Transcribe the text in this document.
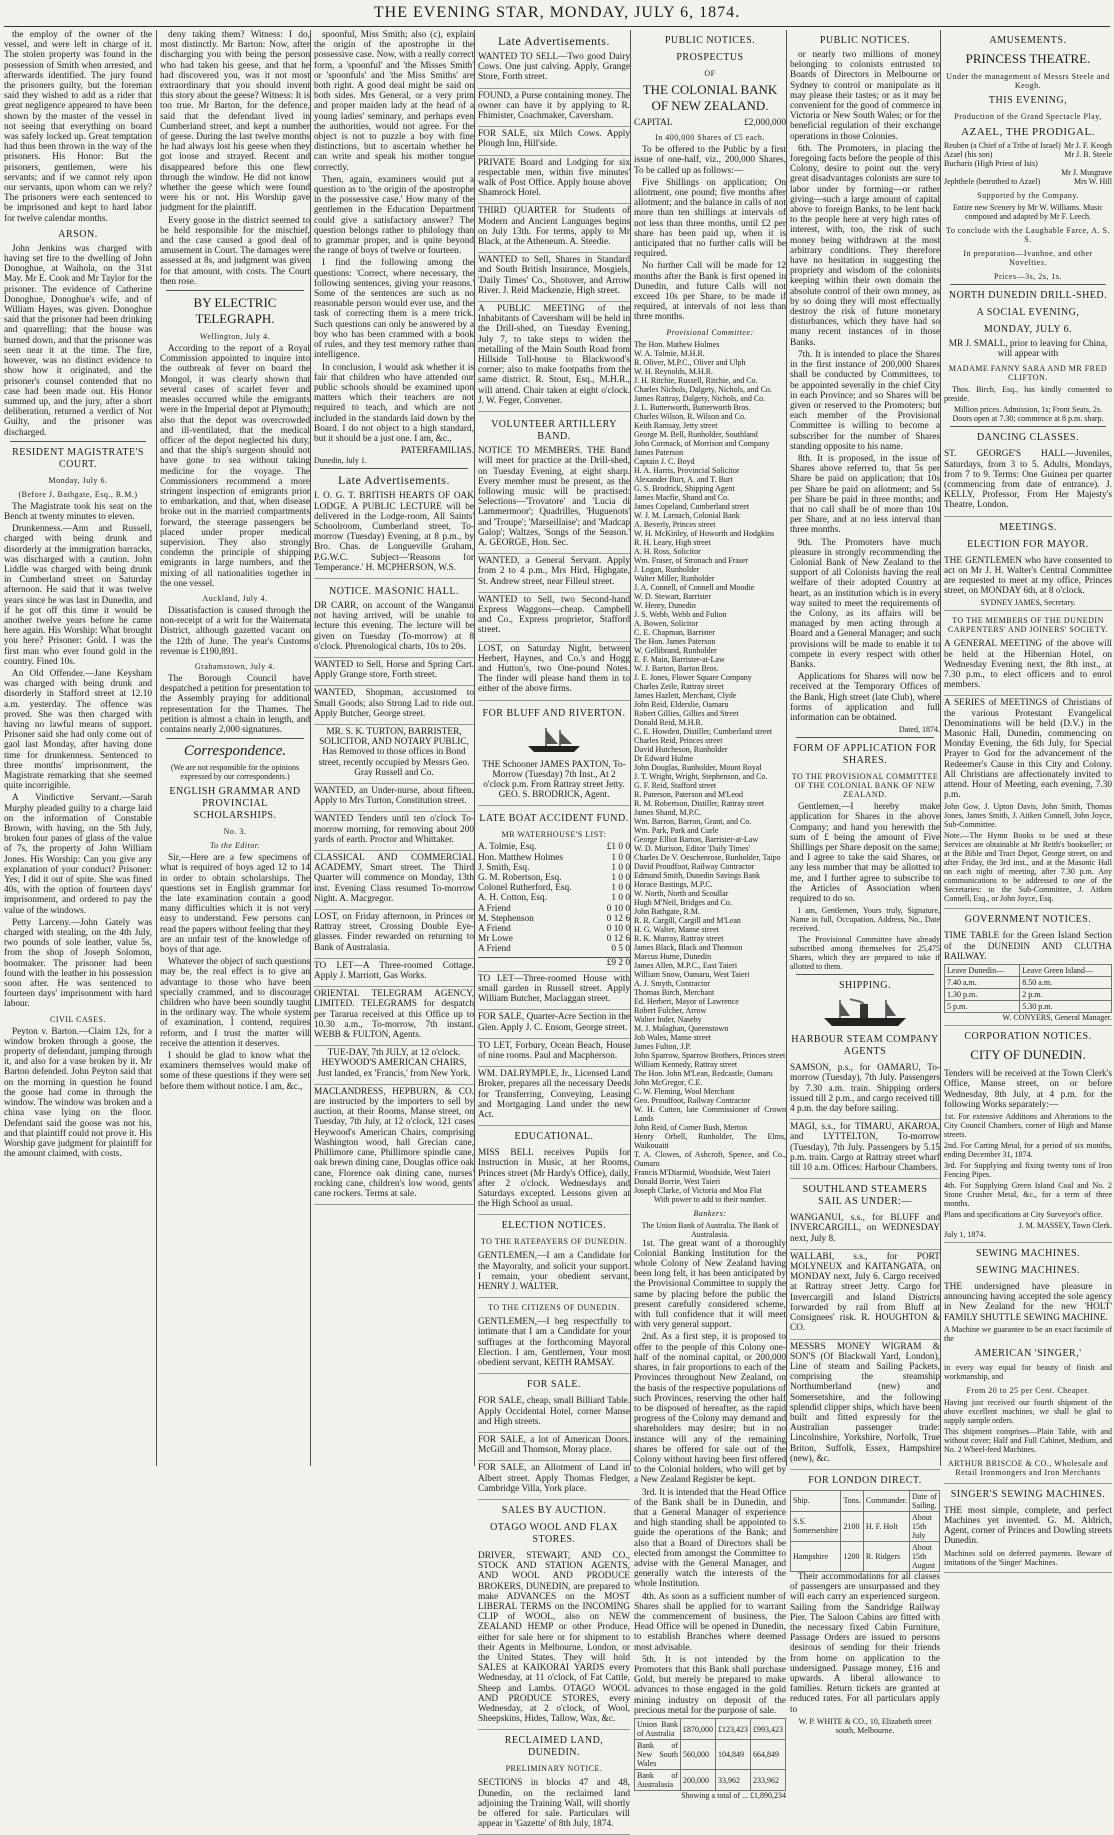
THE EVENING STAR, MONDAY, JULY 6, 1874.

the employ of the owner of the vessel, and were left in charge of it. The stolen property was found in the possession of Smith when arrested, and afterwards identified. The jury found the prisoners guilty, but the foreman said they wished to add as a rider that great negligence appeared to have been shown by the master of the vessel in not seeing that everything on board was safely locked up. Great temptation had thus been thrown in the way of the prisoners. His Honor: But the prisoners, gentlemen, were his servants; and if we cannot rely upon our servants, upon whom can we rely? The prisoners were each sentenced to be imprisoned and kept to hard labor for twelve calendar months.

ARSON.

John Jenkins was charged with having set fire to the dwelling of John Donoghue, at Waihola, on the 31st May. Mr E. Cook and Mr Taylor for the prisoner. The evidence of Catherine Donoghue, Donoghue's wife, and of William Hayes, was given. Donoghue said that the prisoner had been drinking and quarrelling; that the house was burned down, and that the prisoner was seen near it at the time. The fire, however, was no distinct evidence to show how it originated, and the prisoner's counsel contended that no case had been made out. His Honor summed up, and the jury, after a short deliberation, returned a verdict of Not Guilty, and the prisoner was discharged.

RESIDENT MAGISTRATE'S COURT.
Monday, July 6.
(Before J. Bathgate, Esq., R.M.)

The Magistrate took his seat on the Bench at twenty minutes to eleven.

Drunkenness.—Ann and Russell, charged with being drunk and disorderly at the immigration barracks, was discharged with a caution. John Liddle was charged with being drunk in Cumberland street on Saturday afternoon. He said that it was twelve years since he was last in Dunedin, and if he got off this time it would be another twelve years before he came here again. His Worship: What brought you here? Prisoner: Gold. I was the first man who ever found gold in the country. Fined 10s.

An Old Offender.—Jane Keysham was charged with being drunk and disorderly in Stafford street at 12.10 a.m. yesterday. The offence was proved. She was then charged with having no lawful means of support. Prisoner said she had only come out of gaol last Monday, after having done time for drunkenness. Sentenced to three months' imprisonment, the Magistrate remarking that she seemed quite incorrigible.

A Vindictive Servant.—Sarah Murphy pleaded guilty to a charge laid on the information of Constable Brown, with having, on the 5th July, broken four panes of glass of the value of 7s, the property of John William Jones. His Worship: Can you give any explanation of your conduct? Prisoner: Yes; I did it out of spite. She was fined 40s, with the option of fourteen days' imprisonment, and ordered to pay the value of the windows.

Petty Larceny.—John Gately was charged with stealing, on the 4th July, two pounds of sole leather, value 5s, from the shop of Joseph Solomon, bootmaker. The prisoner had been found with the leather in his possession soon after. He was sentenced to fourteen days' imprisonment with hard labour.

CIVIL CASES.

Peyton v. Barton.—Claim 12s, for a window broken through a goose, the property of defendant, jumping through it, and also for a vase broken by it. Mr Barton defended. John Peyton said that on the morning in question he found the goose had come in through the window. The window was broken and a china vase lying on the floor. Defendant said the goose was not his, and that plaintiff could not prove it. His Worship gave judgment for plaintiff for the amount claimed, with costs.

deny taking them? Witness: I do, most distinctly. Mr Barton: Now, after discharging you with being the person who had taken his geese, and that he had discovered you, was it not most extraordinary that you should invent this story about the geese? Witness: It is too true. Mr Barton, for the defence, said that the defendant lived in Cumberland street, and kept a number of geese. During the last twelve months he had always lost his geese when they got loose and strayed. Recent and disappeared before this one flew through the window. He did not know whether the geese which were found were his or not. His Worship gave judgment for the plaintiff.

Every goose in the district seemed to be held responsible for the mischief, and the case caused a good deal of amusement in Court. The damages were assessed at 8s, and judgment was given for that amount, with costs. The Court then rose.

BY ELECTRIC TELEGRAPH.
Wellington, July 4.

According to the report of a Royal Commission appointed to inquire into the outbreak of fever on board the Mongol, it was clearly shown that several cases of scarlet fever and measles occurred while the emigrants were in the Imperial depot at Plymouth; also that the depot was overcrowded and ill-ventilated, that the medical officer of the depot neglected his duty, and that the ship's surgeon should not have gone to sea without taking medicine for the voyage. The Commissioners recommend a more stringent inspection of emigrants prior to embarkation, and that, when disease broke out in the married compartments forward, the steerage passengers be placed under proper medical supervision. They also strongly condemn the principle of shipping emigrants in large numbers, and the mixing of all nationalities together in the one vessel.

Auckland, July 4.

Dissatisfaction is caused through the non-receipt of a writ for the Waitemata District, although gazetted vacant on the 12th of June. The year's Customs revenue is £190,891.

Grahamstown, July 4.

The Borough Council have despatched a petition for presentation to the Assembly praying for additional representation for the Thames. The petition is almost a chain in length, and contains nearly 2,000 signatures.

Correspondence.

(We are not responsible for the opinions expressed by our correspondents.)

ENGLISH GRAMMAR AND PROVINCIAL SCHOLARSHIPS.
No. 3.
To the Editor.

Sir,—Here are a few specimens of what is required of boys aged 12 to 14 in order to obtain scholarships. The questions set in English grammar for the late examination contain a good many difficulties which it is not very easy to understand. Few persons can read the papers without feeling that they are an unfair test of the knowledge of boys of that age.

Whatever the object of such questions may be, the real effect is to give an advantage to those who have been specially crammed, and to discourage children who have been soundly taught in the ordinary way. The whole system of examination, I contend, requires reform, and I trust the matter will receive the attention it deserves.

I should be glad to know what the examiners themselves would make of some of these questions if they were set before them without notice. I am, &c.,

spoonful, Miss Smith; also (c), explain the origin of the apostrophe in the possessive case. Now, with a really correct form, a 'spoonful' and 'the Misses Smith' or 'spoonfuls' and 'the Miss Smiths' are both right. A good deal might be said on both sides. Mrs General, or a very prim and proper maiden lady at the head of a young ladies' seminary, and perhaps even the authorities, would not agree. For the object is not to puzzle a boy with fine distinctions, but to ascertain whether he can write and speak his mother tongue correctly.

Then, again, examiners would put a question as to 'the origin of the apostrophe in the possessive case.' How many of the gentlemen in the Education Department could give a satisfactory answer? The question belongs rather to philology than to grammar proper, and is quite beyond the range of boys of twelve or fourteen.

I find the following among the questions: 'Correct, where necessary, the following sentences, giving your reasons.' Some of the sentences are such as no reasonable person would ever use, and the task of correcting them is a mere trick. Such questions can only be answered by a boy who has been crammed with a book of rules, and they test memory rather than intelligence.

In conclusion, I would ask whether it is fair that children who have attended our public schools should be examined upon matters which their teachers are not required to teach, and which are not included in the standards laid down by the Board. I do not object to a high standard, but it should be a just one. I am, &c.,

PATERFAMILIAS.
Dunedin, July 1.
Late Advertisements.

I. O. G. T. BRITISH HEARTS OF OAK LODGE. A PUBLIC LECTURE will be delivered in the Lodge-room, All Saints' Schoolroom, Cumberland street, To-morrow (Tuesday) Evening, at 8 p.m., by Bro. Chas. de Longueville Graham, P.G.W.C. Subject—'Reasons for Temperance.' H. MCPHERSON, W.S.

NOTICE. MASONIC HALL.

DR CARR, on account of the Wanganui not having arrived, will be unable to lecture this evening. The lecture will be given on Tuesday (To-morrow) at 8 o'clock. Phrenological charts, 10s to 20s.

WANTED to Sell, Horse and Spring Cart. Apply Grange store, Forth street.

WANTED, Shopman, accustomed to Small Goods; also Strong Lad to ride out. Apply Butcher, George street.

MR. S. K. TURTON, BARRISTER, SOLICITOR, AND NOTARY PUBLIC, Has Removed to those offices in Bond street, recently occupied by Messrs Geo. Gray Russell and Co.

WANTED, an Under-nurse, about fifteen. Apply to Mrs Turton, Constitution street.

WANTED Tenders until ten o'clock To-morrow morning, for removing about 200 yards of earth. Proctor and Whittaker.

CLASSICAL AND COMMERCIAL ACADEMY, Smart street. The Third Quarter will commence on Monday, 13th inst. Evening Class resumed To-morrow Night. A. Macgregor.

LOST, on Friday afternoon, in Princes or Rattray street, Crossing Double Eye-glasses. Finder rewarded on returning to Bank of Australasia.

TO LET—A Three-roomed Cottage. Apply J. Marriott, Gas Works.

ORIENTAL TELEGRAM AGENCY, LIMITED. TELEGRAMS for despatch per Tararua received at this Office up to 10.30 a.m., To-morrow, 7th instant. WEBB & FULTON, Agents.

TUE-DAY, 7th JULY, at 12 o'clock. HEYWOOD'S AMERICAN CHAIRS, Just landed, ex 'Francis,' from New York.

MACLANDRESS, HEPBURN, & CO. are instructed by the importers to sell by auction, at their Rooms, Manse street, on Tuesday, 7th July, at 12 o'clock, 121 cases Heywood's American Chairs, comprising Washington wood, hall Grecian cane, Phillimore cane, Phillimore spindle cane, oak brewn dining cane, Douglas office oak cane, Florence oak dining cane, nurses' rocking cane, children's low wood, gents' cane rockers. Terms at sale.

Late Advertisements.

WANTED TO SELL—Two good Dairy Cows. One just calving. Apply, Grange Store, Forth street.

FOUND, a Purse containing money. The owner can have it by applying to R. Fhimister, Coachmaker, Caversham.

FOR SALE, six Milch Cows. Apply Plough Inn, Hill'side.

PRIVATE Board and Lodging for six respectable men, within five minutes' walk of Post Office. Apply house above Shamrock Hotel.

THIRD QUARTER for Students of Modern and Ancient Languages begins on July 13th. For terms, apply to Mr Black, at the Atheneum. A. Steedie.

WANTED to Sell, Shares in Standard and South British Insurance, Mosgiels, 'Daily Times' Co., Shotover, and Arrow River. J. Reid Mackenzie, High street.

A PUBLIC MEETING of the Inhabitants of Caversham will be held in the Drill-shed, on Tuesday Evening, July 7, to take steps to widen the metalling of the Main South Road from Hillside Toll-house to Blackwood's corner; also to make footpaths from the same district. R. Stout, Esq., M.H.R., will attend. Chair taken at eight o'clock. J. W. Feger, Convener.

VOLUNTEER ARTILLERY BAND.

NOTICE TO MEMBERS. THE Band will meet for practice at the Drill-shed, on Tuesday Evening, at eight sharp. Every member must be present, as the following music will be practised: Selections—'Trovatore' and 'Lucia di Lammermoor'; Quadrilles, 'Huguenots' and 'Troupe'; 'Marseillaise'; and 'Madcap Galop'; Waltzes, 'Songs of the Season.' A. GEORGE, Hon. Sec.

WANTED, a General Servant. Apply from 2 to 4 p.m., Mrs Hird, Highgate, St. Andrew street, near Filleul street.

WANTED to Sell, two Second-hand Express Waggons—cheap. Campbell and Co., Express proprietor, Stafford street.

LOST, on Saturday Night, between Herbert, Haynes, and Co.'s and Hogg and Hutton's, two One-pound Notes. The finder will please hand them in to either of the above firms.

FOR BLUFF AND RIVERTON.

THE Schooner JAMES PAXTON, To-Morrow (Tuesday) 7th Inst., At 2 o'clock p.m. From Rattray street Jetty. GEO. S. BRODRICK, Agent.

LATE BOAT ACCIDENT FUND.
MR WATERHOUSE'S LIST:
A. Tolmie, Esq.	£1 0 0
Hon. Matthew Holmes	1 0 0
J. Smith, Esq.	1 0 0
G. M. Robertson, Esq.	1 0 0
Colonel Rutherford, Esq.	1 0 0
A. H. Cotton, Esq.	1 0 0
A Friend	0 10 0
M. Stephenson	0 12 6
A Friend	0 10 0
Mr Lowe	0 12 6
A Friend	0 5 0
£9 2 0

TO LET—Three-roomed House with small garden in Russell street. Apply William Butcher, Maclaggan street.

FOR SALE, Quarter-Acre Section in the Glen. Apply J. C. Ensom, George street.

TO LET, Forbury, Ocean Beach, House of nine rooms. Paul and Macpherson.

WM. DALRYMPLE, Jr., Licensed Land Broker, prepares all the necessary Deeds for Transferring, Conveying, Leasing and Mortgaging Land under the new Act.

EDUCATIONAL.

MISS BELL receives Pupils for Instruction in Music, at her Rooms, Princes street (Mr Hardy's Office), daily, after 2 o'clock. Wednesdays and Saturdays excepted. Lessons given at the High School as usual.

ELECTION NOTICES.
TO THE RATEPAYERS OF DUNEDIN.

GENTLEMEN,—I am a Candidate for the Mayoralty, and solicit your support. I remain, your obedient servant, HENRY J. WALTER.

TO THE CITIZENS OF DUNEDIN.

GENTLEMEN,—I beg respectfully to intimate that I am a Candidate for your suffrages at the forthcoming Mayoral Election. I am, Gentlemen, Your most obedient servant, KEITH RAMSAY.

FOR SALE.

FOR SALE, cheap, small Billiard Table. Apply Occidental Hotel, corner Manse and High streets.

FOR SALE, a lot of American Doors. McGill and Thomson, Moray place.

FOR SALE, an Allotment of Land in Albert street. Apply Thomas Fledger, Cambridge Villa, York place.

SALES BY AUCTION.
OTAGO WOOL AND FLAX STORES.

DRIVER, STEWART, AND CO., STOCK AND STATION AGENTS, AND WOOL AND PRODUCE BROKERS, DUNEDIN, are prepared to make ADVANCES on the MOST LIBERAL TERMS on the INCOMING CLIP of WOOL, also on NEW ZEALAND HEMP or other Produce, either for sale here or for shipment to their Agents in Melbourne, London, or the United States. They will hold SALES at KAIKORAI YARDS every Wednesday, at 11 o'clock, of Fat Cattle, Sheep and Lambs. OTAGO WOOL AND PRODUCE STORES, every Wednesday, at 2 o'clock, of Wool, Sheepskins, Hides, Tallow, Wax, &c.

RECLAIMED LAND, DUNEDIN.
PRELIMINARY NOTICE.

SECTIONS in blocks 47 and 48, Dunedin, on the reclaimed land adjoining the Training Wall, will shortly be offered for sale. Particulars will appear in 'Gazette' of 8th July, 1874.

PUBLIC NOTICES.
PROSPECTUS
OF
THE COLONIAL BANK OF NEW ZEALAND.
CAPITAL	£2,000,000
In 400,000 Shares of £5 each.

To be offered to the Public by a first issue of one-half, viz., 200,000 Shares, To be called up as follows:—

Five Shillings on application; On allotment, one pound; five months after allotment; and the balance in calls of not more than ten shillings at intervals of not less than three months, until £2 per share has been paid up, when it is anticipated that no further calls will be required.

No further Call will be made for 12 months after the Bank is first opened in Dunedin, and future Calls will not exceed 10s per Share, to be made if required, at intervals of not less than three months.

Provisional Committee:
The Hon. Mathew Holmes
W. A. Tolmie, M.H.R.
R. Oliver, M.P.C., Oliver and Ulph
W. H. Reynolds, M.H.R.
J. H. Ritchie, Russell, Ritchie, and Co.
Charles Nichols, Dalgety, Nichols, and Co.
James Rattray, Dalgety, Nichols, and Co.
J. L. Butterworth, Butterworth Bros.
Charles Wilson, R. Wilson and Co.
Keith Ramsay, Jetty street
George M. Bell, Runholder, Southland
John Cormack, of Morrison and Company
James Paterson
Captain J. C. Boyd
H. A. Harris, Provincial Solicitor
Alexander Burt, A. and T. Burt
G. S. Brodrick, Shipping Agent
James Macfie, Shand and Co.
James Copeland, Cumberland street
W. J. M. Larnach, Colonial Bank
A. Beverly, Princes street
W. H. McKinley, of Howorth and Hodgkins
R. H. Leary, High street
A. H. Ross, Solicitor
Wm. Fraser, of Stronach and Fraser
J. Logan, Runholder
Walter Miller, Runholder
J. A. Connell, of Connell and Moodie
W. D. Stewart, Barrister
W. Henry, Dunedin
J. S. Webb, Webb and Fulton
A. Bowen, Solicitor
C. E. Chapman, Barrister
The Hon. James Paterson
W. Gellibrand, Runholder
E. F. Main, Barrister-at-Law
W. J. Barton, Barton Bros.
J. E. Jones, Flower Square Company
Charles Zeile, Rattray street
James Hazlett, Merchant, Clyde
John Reid, Elderslie, Oamaru
Robert Gillies, Gillies and Street
Donald Reid, M.H.R.
C. E. Howden, Distiller, Cumberland street
Charles Reid, Princes street
David Hutcheson, Runholder
Dr Edward Hulme
John Douglas, Runholder, Mount Royal
J. T. Wright, Wright, Stephenson, and Co.
G. F. Reid, Stafford street
R. Paterson, Paterson and M'Leod
R. M. Robertson, Distiller, Rattray street
James Shand, M.P.C.
Wm. Barron, Barron, Grant, and Co.
Wm. Park, Park and Curle
George Elliot Barton, Barrister-at-Law
W. D. Murison, Editor 'Daily Times'
Charles De V. Oeschenrose, Runholder, Taipo
David Proudfoot, Railway Contractor
Edmund Smith, Dunedin Savings Bank
Horace Bastings, M.P.C.
W. North, North and Scoullar
Hugh M'Neil, Bridges and Co.
John Bathgate, R.M.
R. R. Cargill, Cargill and M'Lean
H. G. Walter, Manse street
R. K. Murray, Rattray street
James Black, Black and Thomson
Marcus Hume, Dunedin
James Allen, M.P.C., East Taieri
William Snow, Oamaru, West Taieri
A. J. Smyth, Contractor
Thomas Birch, Merchant
Ed. Herbert, Mayor of Lawrence
Robert Fulcher, Arrow
Walter Inder, Naseby
M. J. Malaghan, Queenstown
Job Wales, Manse street
James Fulton, J.P.
John Sparrow, Sparrow Brothers, Princes street
William Kennedy, Rattray street
The Hon. John M'Lean, Redcastle, Oamaru
John McGregor, C.E.
C. W. Fleming, Wool Merchant
Geo. Proudfoot, Railway Contractor
W. H. Cutten, late Commissioner of Crown Lands
John Reid, of Corner Bush, Merton
Henry Orbell, Runholder, The Elms, Waikouaiti
T. A. Clowes, of Ashcroft, Spence, and Co., Oamaru
Francis M'Diarmid, Woodside, West Taieri
Donald Borrie, West Taieri
Joseph Clarke, of Victoria and Moa Flat
With power to add to their number.
Bankers:
The Union Bank of Australia. The Bank of Australasia.

1st. The great want of a thoroughly Colonial Banking Institution for the whole Colony of New Zealand having been long felt, it has been anticipated by the Provisional Committee to supply the same by placing before the public the present carefully considered scheme, with full confidence that it will meet with very general support.

2nd. As a first step, it is proposed to offer to the people of this Colony one-half of the nominal capital, or 200,000 shares, in fair proportions to each of the Provinces throughout New Zealand, on the basis of the respective populations of such Provinces, reserving the other half to be disposed of hereafter, as the rapid progress of the Colony may demand and shareholders may desire; but in no instance will any of the remaining shares be offered for sale out of the Colony without having been first offered to the Colonial holders, who will get by a New Zealand Register be kept.

3rd. It is intended that the Head Office of the Bank shall be in Dunedin, and that a General Manager of experience and high standing shall be appointed to guide the operations of the Bank; and also that a Board of Directors shall be elected from amongst the Committee to advise with the General Manager, and generally watch the interests of the whole Institution.

4th. As soon as a sufficient number of Shares shall be applied for to warrant the commencement of business, the Head Office will be opened in Dunedin, to establish Branches where deemed most advisable.

5th. It is not intended by the Promoters that this Bank shall purchase Gold, but merely be prepared to make advances to those engaged in the gold mining industry on deposit of the precious metal for the purpose of sale.

Union Bank of Australia	£870,000	£123,423	£993,423
Bank of New South Wales	560,000	104,849	664,849
Bank of Australasia	200,000	33,962	233,962
Showing a total of ... £1,890,234
PUBLIC NOTICES.

or nearly two millions of money belonging to colonists entrusted to Boards of Directors in Melbourne or Sydney to control or manipulate as it may please their tastes; or as it may be convenient for the good of commerce in Victoria or New South Wales; or for the beneficial regulation of their exchange operations in those Colonies.

6th. The Promoters, in placing the foregoing facts before the people of this Colony, desire to point out the very great disadvantages colonists are sure to labor under by forming—or rather giving—such a large amount of capital above to foreign Banks, to be lent back to the people here at very high rates of interest, with, too, the risk of such money being withdrawn at the most arbitrary conditions. They therefore have no hesitation in suggesting the propriety and wisdom of the colonists keeping within their own domain the absolute control of their own money, as by so doing they will most effectually destroy the risk of future monetary disturbances, which they have had so many recent instances of in those Banks.

7th. It is intended to place the Shares in the first instance of 200,000 Shares shall be conducted by Committees, to be appointed severally in the chief City in each Province; and so Shares will be given or reserved to the Promoters; but each member of the Provisional Committee is willing to become a subscriber for the number of Shares standing opposite to his name.

8th. It is proposed, in the issue of Shares above referred to, that 5s per Share be paid on application; that 10s per Share be paid on allotment; and 5s per Share be paid in three months; and that no call shall be of more than 10s per Share, and at no less interval than three months.

9th. The Promoters have much pleasure in strongly recommending the Colonial Bank of New Zealand to the support of all Colonists having the real welfare of their adopted Country at heart, as an institution which is in every way suited to meet the requirements of the Colony, as its affairs will be managed by men acting through a Board and a General Manager; and such provisions will be made to enable it to compete in every respect with other Banks.

Applications for Shares will now be received at the Temporary Offices of the Bank, High street (late Club), where forms of application and full information can be obtained.

Dated, 1874.
FORM OF APPLICATION FOR SHARES.
TO THE PROVISIONAL COMMITTEE OF THE COLONIAL BANK OF NEW ZEALAND.

Gentlemen,—I hereby make application for Shares in the above Company; and hand you herewith the sum of £ being the amount of Five Shillings per Share deposit on the same; and I agree to take the said Shares, or any less number that may be allotted to me, and I further agree to subscribe to the Articles of Association when required to do so.

I am, Gentlemen, Yours truly, Signature, Name in full, Occupation, Address, No., Date received.

The Provisional Committee have already subscribed among themselves for 25,475 Shares, which they are prepared to take if allotted to them.

SHIPPING.
HARBOUR STEAM COMPANY AGENTS

SAMSON, p.s., for OAMARU, To-morrow (Tuesday), 7th July. Passengers by 7.30 a.m. train. Shipping orders issued till 2 p.m., and cargo received till 4 p.m. the day before sailing.

MAGI, s.s., for TIMARU, AKAROA, and LYTTELTON, To-morrow (Tuesday), 7th July. Passengers by 5.15 p.m. train. Cargo at Rattray street wharf till 10 a.m. Offices: Harbour Chambers.

SOUTHLAND STEAMERS SAIL AS UNDER:—

WANGANUI, s.s., for BLUFF and INVERCARGILL, on WEDNESDAY next, July 8.

WALLABI, s.s., for PORT MOLYNEUX and KAITANGATA, on MONDAY next, July 6. Cargo received at Rattray street Jetty. Cargo for Invercargill and Island Districts forwarded by rail from Bluff at Consignees' risk. R. HOUGHTON & CO.

MESSRS MONEY WIGRAM & SON'S (Of Blackwall Yard, London), Line of steam and Sailing Packets, comprising the steamship Northumberland (new) and Somersetshire, and the following splendid clipper ships, which have been built and fitted expressly for the Australian passenger trade: Lincolnshire, Yorkshire, Norfolk, True Briton, Suffolk, Essex, Hampshire (new), &c.

FOR LONDON DIRECT.
Ship.	Tons.	Commander.	Date of Sailing.
S.S. Somersetshire	2100	H. F. Holt	About 15th July
Hampshire	1200	R. Ridgers	About 15th August

Their accommodations for all classes of passengers are unsurpassed and they will each carry an experienced surgeon. Sailing from the Sandridge Railway Pier. The Saloon Cabins are fitted with the necessary fixed Cabin Furniture, Passage Orders are issued to persons desirous of sending for their friends from home on application to the undersigned. Passage money, £16 and upwards. A liberal allowance to families. Return tickets are granted at reduced rates. For all particulars apply to

W. P. WHITE & CO., 10, Elizabeth street south, Melbourne.
AMUSEMENTS.
PRINCESS THEATRE.
Under the management of Messrs Steele and Keogh.
THIS EVENING,
Production of the Grand Spectacle Play,
AZAEL, THE PRODIGAL.
Reuben (a Chief of a Tribe of Israel) Mr J. F. Keogh
Azael (his son)	Mr J. B. Steele
Bucharis (High Priest of Isis)
Mr J. Musgrave
Jephthele (betrothed to Azael)	Mrs W. Hill
Supported by the Company.

Entire new Scenery by Mr W. Williams. Music composed and adapted by Mr F. Leech.

To conclude with the Laughable Farce, A. S. S.
In preparation—Ivanhoe, and other Novelties.
Prices—3s, 2s, 1s.
NORTH DUNEDIN DRILL-SHED.
A SOCIAL EVENING,
MONDAY, JULY 6.

MR J. SMALL, prior to leaving for China, will appear with

MADAME FANNY SARA AND MR FRED CLIFTON.

Thos. Birch, Esq., has kindly consented to preside.

Million prices. Admission, 1s; Front Seats, 2s. Doors open at 7.30; commence at 8 p.m. sharp.

DANCING CLASSES.

ST. GEORGE'S HALL—Juveniles, Saturdays, from 3 to 5. Adults, Mondays, from 7 to 9. Terms: One Guinea per quarter (commencing from date of entrance). J. KELLY, Professor, From Her Majesty's Theatre, London.

MEETINGS.
ELECTION FOR MAYOR.

THE GENTLEMEN who have consented to act on Mr J. H. Walter's Central Committee are requested to meet at my office, Princes street, on MONDAY 6th, at 8 o'clock.

SYDNEY JAMES, Secretary.
TO THE MEMBERS OF THE DUNEDIN CARPENTERS' AND JOINERS' SOCIETY.

A GENERAL MEETING of the above will be held at the Hibernian Hotel, on Wednesday Evening next, the 8th inst., at 7.30 p.m., to elect officers and to enrol members.

A SERIES of MEETINGS of Christians of the various Protestant Evangelical Denominations will be held (D.V.) in the Masonic Hall, Dunedin, commencing on Monday Evening, the 6th July, for Special Prayer to God for the advancement of the Redeemer's Cause in this City and Colony. All Christians are affectionately invited to attend. Hour of Meeting, each evening, 7.30 p.m.

John Gow, J. Upton Davis, John Smith, Thomas Jones, James Smith, J. Aitken Connell, John Joyce, Sub-Committee.

Note.—The Hymn Books to be used at these Services are obtainable at Mr Reith's bookseller; or at the Bible and Tract Depot, George street, on and after Friday, the 3rd inst., and at the Masonic Hall on each night of meeting, after 7.30 p.m. Any communications to be addressed to one of the Secretaries: to the Sub-Committee, J. Aitken Connell, Esq., or John Joyce, Esq.

GOVERNMENT NOTICES.

TIME TABLE for the Green Island Section of the DUNEDIN AND CLUTHA RAILWAY.

Leave Dunedin—	Leave Green Island—
7.40 a.m.	8.50 a.m.
1.30 p.m.	2 p.m.
5 p.m.	5.30 p.m.
W. CONYERS, General Manager.
CORPORATION NOTICES.
CITY OF DUNEDIN.

Tenders will be received at the Town Clerk's Office, Manse street, on or before Wednesday, 8th July, at 4 p.m. for the following Works separately:—

1st. For extensive Additions and Alterations to the City Council Chambers, corner of High and Manse streets.

2nd. For Carting Metal, for a period of six months, ending December 31, 1874.

3rd. For Supplying and fixing twenty tons of Iron Fencing Pipes.

4th. For Supplying Green Island Coal and No. 2 Stone Crusher Metal, &c., for a term of three months.

Plans and specifications at City Surveyor's office.

J. M. MASSEY, Town Clerk.
July 1, 1874.
SEWING MACHINES.
SEWING MACHINES.

THE undersigned have pleasure in announcing having accepted the sole agency in New Zealand for the new 'HOLT' FAMILY SHUTTLE SEWING MACHINE.

A Machine we guarantee to be an exact facsimile of the

AMERICAN 'SINGER,'

in every way equal for beauty of finish and workmanship, and

From 20 to 25 per Cent. Cheaper.

Having just received our fourth shipment of the above excellent machines, we shall be glad to supply sample orders.

This shipment comprises—Plain Table, with and without cover; Half and Full Cabinet, Medium, and No. 2 Wheel-feed Machines.

ARTHUR BRISCOE & CO., Wholesale and Retail Ironmongers and Iron Merchants
SINGER'S SEWING MACHINES.

THE most simple, complete, and perfect Machines yet invented. G. M. Aldrich, Agent, corner of Princes and Dowling streets Dunedin.

Machines sold on deferred payments. Beware of imitations of the 'Singer' Machines.
